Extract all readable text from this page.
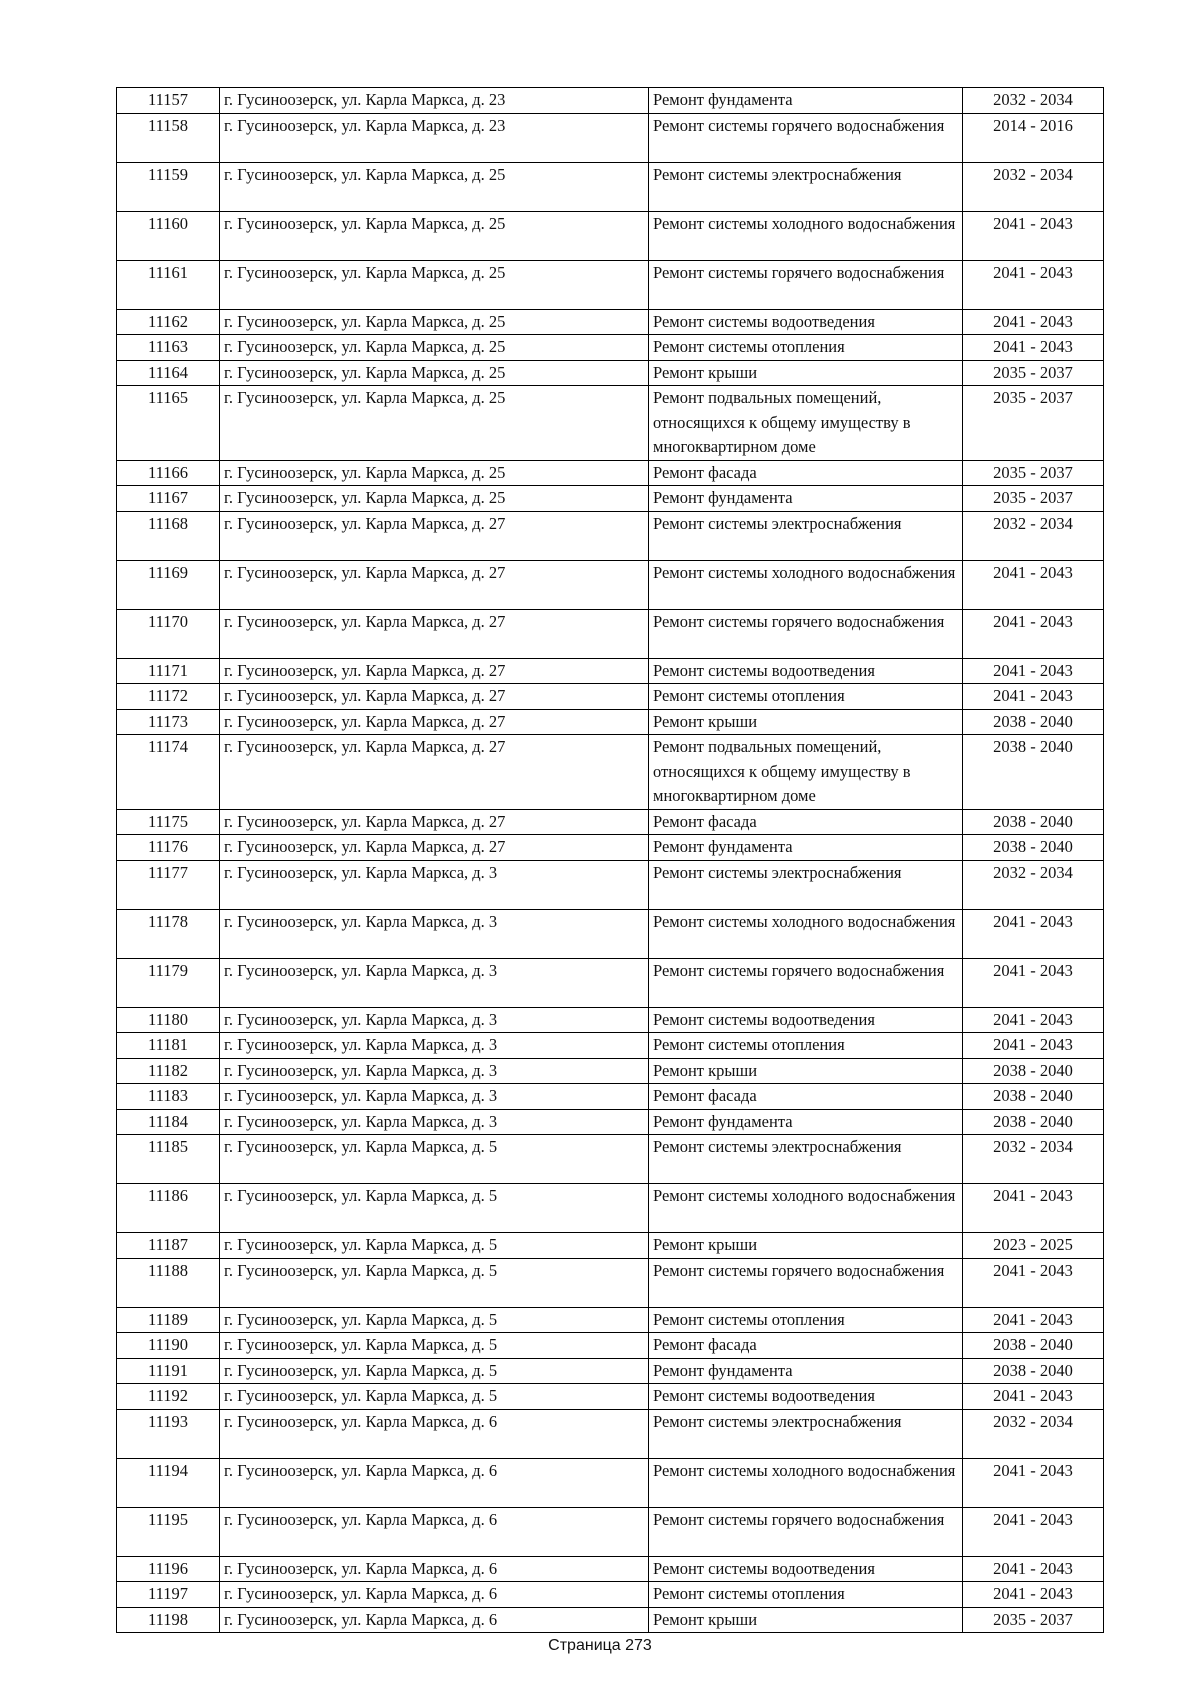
11157	г. Гусиноозерск, ул. Карла Маркса, д. 23	Ремонт фундамента	2032 - 2034
11158	г. Гусиноозерск, ул. Карла Маркса, д. 23	Ремонт системы горячего водоснабжения	2014 - 2016
11159	г. Гусиноозерск, ул. Карла Маркса, д. 25	Ремонт системы электроснабжения	2032 - 2034
11160	г. Гусиноозерск, ул. Карла Маркса, д. 25	Ремонт системы холодного водоснабжения	2041 - 2043
11161	г. Гусиноозерск, ул. Карла Маркса, д. 25	Ремонт системы горячего водоснабжения	2041 - 2043
11162	г. Гусиноозерск, ул. Карла Маркса, д. 25	Ремонт системы водоотведения	2041 - 2043
11163	г. Гусиноозерск, ул. Карла Маркса, д. 25	Ремонт системы отопления	2041 - 2043
11164	г. Гусиноозерск, ул. Карла Маркса, д. 25	Ремонт крыши	2035 - 2037
11165	г. Гусиноозерск, ул. Карла Маркса, д. 25	Ремонт подвальных помещений, относящихся к общему имуществу в многоквартирном доме	2035 - 2037
11166	г. Гусиноозерск, ул. Карла Маркса, д. 25	Ремонт фасада	2035 - 2037
11167	г. Гусиноозерск, ул. Карла Маркса, д. 25	Ремонт фундамента	2035 - 2037
11168	г. Гусиноозерск, ул. Карла Маркса, д. 27	Ремонт системы электроснабжения	2032 - 2034
11169	г. Гусиноозерск, ул. Карла Маркса, д. 27	Ремонт системы холодного водоснабжения	2041 - 2043
11170	г. Гусиноозерск, ул. Карла Маркса, д. 27	Ремонт системы горячего водоснабжения	2041 - 2043
11171	г. Гусиноозерск, ул. Карла Маркса, д. 27	Ремонт системы водоотведения	2041 - 2043
11172	г. Гусиноозерск, ул. Карла Маркса, д. 27	Ремонт системы отопления	2041 - 2043
11173	г. Гусиноозерск, ул. Карла Маркса, д. 27	Ремонт крыши	2038 - 2040
11174	г. Гусиноозерск, ул. Карла Маркса, д. 27	Ремонт подвальных помещений, относящихся к общему имуществу в многоквартирном доме	2038 - 2040
11175	г. Гусиноозерск, ул. Карла Маркса, д. 27	Ремонт фасада	2038 - 2040
11176	г. Гусиноозерск, ул. Карла Маркса, д. 27	Ремонт фундамента	2038 - 2040
11177	г. Гусиноозерск, ул. Карла Маркса, д. 3	Ремонт системы электроснабжения	2032 - 2034
11178	г. Гусиноозерск, ул. Карла Маркса, д. 3	Ремонт системы холодного водоснабжения	2041 - 2043
11179	г. Гусиноозерск, ул. Карла Маркса, д. 3	Ремонт системы горячего водоснабжения	2041 - 2043
11180	г. Гусиноозерск, ул. Карла Маркса, д. 3	Ремонт системы водоотведения	2041 - 2043
11181	г. Гусиноозерск, ул. Карла Маркса, д. 3	Ремонт системы отопления	2041 - 2043
11182	г. Гусиноозерск, ул. Карла Маркса, д. 3	Ремонт крыши	2038 - 2040
11183	г. Гусиноозерск, ул. Карла Маркса, д. 3	Ремонт фасада	2038 - 2040
11184	г. Гусиноозерск, ул. Карла Маркса, д. 3	Ремонт фундамента	2038 - 2040
11185	г. Гусиноозерск, ул. Карла Маркса, д. 5	Ремонт системы электроснабжения	2032 - 2034
11186	г. Гусиноозерск, ул. Карла Маркса, д. 5	Ремонт системы холодного водоснабжения	2041 - 2043
11187	г. Гусиноозерск, ул. Карла Маркса, д. 5	Ремонт крыши	2023 - 2025
11188	г. Гусиноозерск, ул. Карла Маркса, д. 5	Ремонт системы горячего водоснабжения	2041 - 2043
11189	г. Гусиноозерск, ул. Карла Маркса, д. 5	Ремонт системы отопления	2041 - 2043
11190	г. Гусиноозерск, ул. Карла Маркса, д. 5	Ремонт фасада	2038 - 2040
11191	г. Гусиноозерск, ул. Карла Маркса, д. 5	Ремонт фундамента	2038 - 2040
11192	г. Гусиноозерск, ул. Карла Маркса, д. 5	Ремонт системы водоотведения	2041 - 2043
11193	г. Гусиноозерск, ул. Карла Маркса, д. 6	Ремонт системы электроснабжения	2032 - 2034
11194	г. Гусиноозерск, ул. Карла Маркса, д. 6	Ремонт системы холодного водоснабжения	2041 - 2043
11195	г. Гусиноозерск, ул. Карла Маркса, д. 6	Ремонт системы горячего водоснабжения	2041 - 2043
11196	г. Гусиноозерск, ул. Карла Маркса, д. 6	Ремонт системы водоотведения	2041 - 2043
11197	г. Гусиноозерск, ул. Карла Маркса, д. 6	Ремонт системы отопления	2041 - 2043
11198	г. Гусиноозерск, ул. Карла Маркса, д. 6	Ремонт крыши	2035 - 2037
Страница 273
